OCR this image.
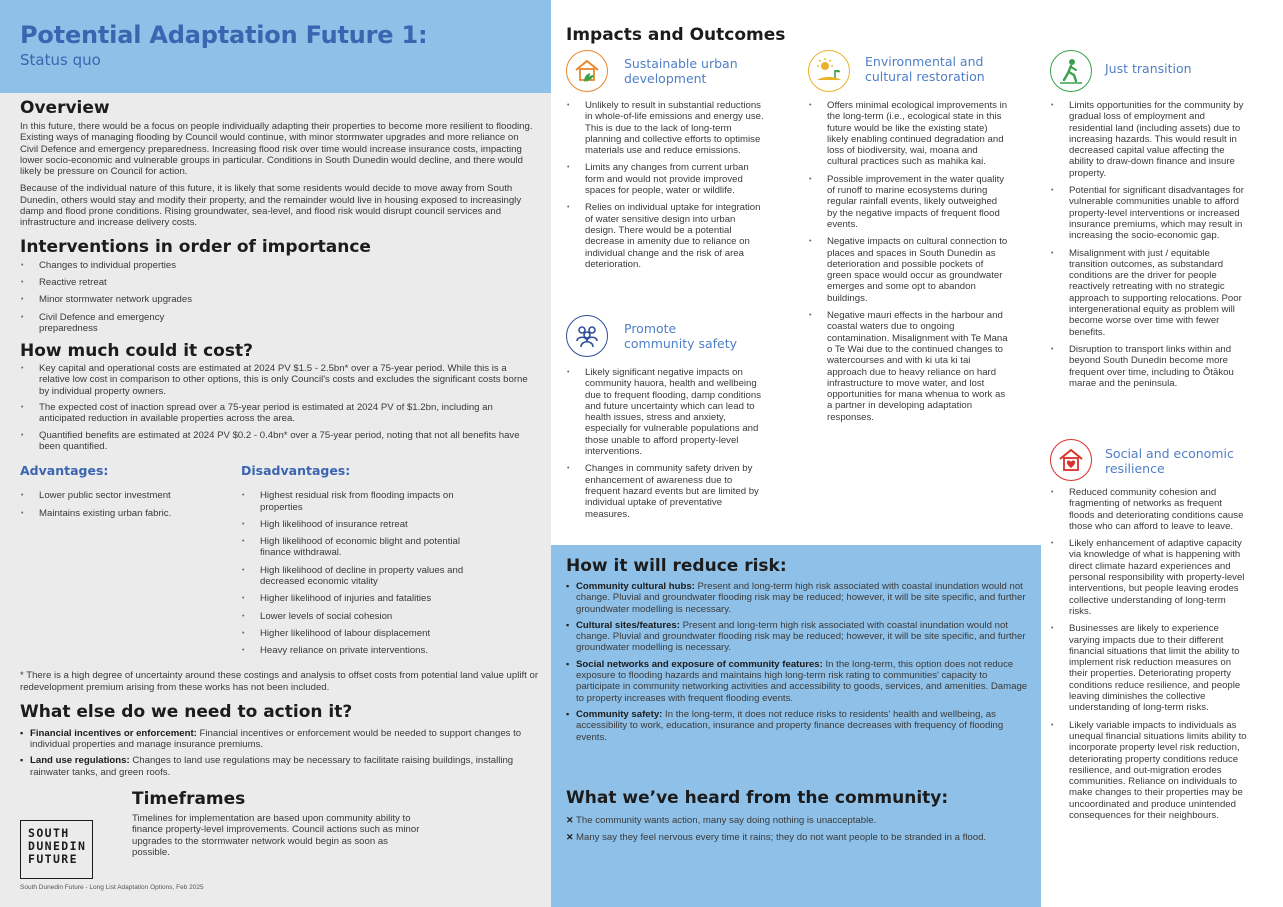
Potential Adaptation Future 1:
Status quo
Overview

In this future, there would be a focus on people individually adapting their properties to become more resilient to flooding. Existing ways of managing flooding by Council would continue, with minor stormwater upgrades and more reliance on Civil Defence and emergency preparedness. Increasing flood risk over time would increase insurance costs, impacting lower socio-economic and vulnerable groups in particular. Conditions in South Dunedin would decline, and there would likely be pressure on Council for action.

Because of the individual nature of this future, it is likely that some residents would decide to move away from South Dunedin, others would stay and modify their property, and the remainder would live in housing exposed to increasingly damp and flood prone conditions. Rising groundwater, sea-level, and flood risk would disrupt council services and infrastructure and increase delivery costs.

Interventions in order of importance
• Changes to individual properties
• Reactive retreat
• Minor stormwater network upgrades
• Civil Defence and emergency preparedness
How much could it cost?
• Key capital and operational costs are estimated at 2024 PV $1.5 - 2.5bn* over a 75-year period. While this is a relative low cost in comparison to other options, this is only Council's costs and excludes the significant costs borne by individual property owners.
• The expected cost of inaction spread over a 75-year period is estimated at 2024 PV of $1.2bn, including an anticipated reduction in available properties across the area.
• Quantified benefits are estimated at 2024 PV $0.2 - 0.4bn* over a 75-year period, noting that not all benefits have been quantified.
Advantages:
• Lower public sector investment
• Maintains existing urban fabric.
Disadvantages:
• Highest residual risk from flooding impacts on properties
• High likelihood of insurance retreat
• High likelihood of economic blight and potential finance withdrawal.
• High likelihood of decline in property values and decreased economic vitality
• Higher likelihood of injuries and fatalities
• Lower levels of social cohesion
• Higher likelihood of labour displacement
• Heavy reliance on private interventions.

* There is a high degree of uncertainty around these costings and analysis to offset costs from potential land value uplift or redevelopment premium arising from these works has not been included.

What else do we need to action it?
▪ Financial incentives or enforcement: Financial incentives or enforcement would be needed to support changes to individual properties and manage insurance premiums.
▪ Land use regulations: Changes to land use regulations may be necessary to facilitate raising buildings, installing rainwater tanks, and green roofs.
Timeframes

Timelines for implementation are based upon community ability to finance property-level improvements. Council actions such as minor upgrades to the stormwater network would begin as soon as possible.

SOUTH
DUNEDIN
FUTURE
South Dunedin Future - Long List Adaptation Options, Feb 2025
Impacts and Outcomes
Sustainable urban
development
• Unlikely to result in substantial reductions in whole-of-life emissions and energy use. This is due to the lack of long-term planning and collective efforts to optimise materials use and reduce emissions.
• Limits any changes from current urban form and would not provide improved spaces for people, water or wildlife.
• Relies on individual uptake for integration of water sensitive design into urban design. There would be a potential decrease in amenity due to reliance on individual change and the risk of area deterioration.
Promote
community safety
• Likely significant negative impacts on community hauora, health and wellbeing due to frequent flooding, damp conditions and future uncertainty which can lead to health issues, stress and anxiety, especially for vulnerable populations and those unable to afford property-level interventions.
• Changes in community safety driven by enhancement of awareness due to frequent hazard events but are limited by individual uptake of preventative measures.
Environmental and
cultural restoration
• Offers minimal ecological improvements in the long-term (i.e., ecological state in this future would be like the existing state) likely enabling continued degradation and loss of biodiversity, wai, moana and cultural practices such as mahika kai.
• Possible improvement in the water quality of runoff to marine ecosystems during regular rainfall events, likely outweighed by the negative impacts of frequent flood events.
• Negative impacts on cultural connection to places and spaces in South Dunedin as deterioration and possible pockets of green space would occur as groundwater emerges and some opt to abandon buildings.
• Negative mauri effects in the harbour and coastal waters due to ongoing contamination. Misalignment with Te Mana o Te Wai due to the continued changes to watercourses and with ki uta ki tai approach due to heavy reliance on hard infrastructure to move water, and lost opportunities for mana whenua to work as a partner in developing adaptation responses.
Just transition
• Limits opportunities for the community by gradual loss of employment and residential land (including assets) due to increasing hazards. This would result in decreased capital value affecting the ability to draw-down finance and insure property.
• Potential for significant disadvantages for vulnerable communities unable to afford property-level interventions or increased insurance premiums, which may result in increasing the socio-economic gap.
• Misalignment with just / equitable transition outcomes, as substandard conditions are the driver for people reactively retreating with no strategic approach to supporting relocations. Poor intergenerational equity as problem will become worse over time with fewer benefits.
• Disruption to transport links within and beyond South Dunedin become more frequent over time, including to Ōtākou marae and the peninsula.
Social and economic
resilience
• Reduced community cohesion and fragmenting of networks as frequent floods and deteriorating conditions cause those who can afford to leave to leave.
• Likely enhancement of adaptive capacity via knowledge of what is happening with direct climate hazard experiences and personal responsibility with property-level interventions, but people leaving erodes collective understanding of long-term risks.
• Businesses are likely to experience varying impacts due to their different financial situations that limit the ability to implement risk reduction measures on their properties. Deteriorating property conditions reduce resilience, and people leaving diminishes the collective understanding of long-term risks.
• Likely variable impacts to individuals as unequal financial situations limits ability to incorporate property level risk reduction, deteriorating property conditions reduce resilience, and out-migration erodes communities. Reliance on individuals to make changes to their properties may be uncoordinated and produce unintended consequences for their neighbours.
How it will reduce risk:
▪ Community cultural hubs: Present and long-term high risk associated with coastal inundation would not change. Pluvial and groundwater flooding risk may be reduced; however, it will be site specific, and further groundwater modelling is necessary.
▪ Cultural sites/features: Present and long-term high risk associated with coastal inundation would not change. Pluvial and groundwater flooding risk may be reduced; however, it will be site specific, and further groundwater modelling is necessary.
▪ Social networks and exposure of community features: In the long-term, this option does not reduce exposure to flooding hazards and maintains high long-term risk rating to communities' capacity to participate in community networking activities and accessibility to goods, services, and amenities. Damage to property increases with frequent flooding events.
▪ Community safety: In the long-term, it does not reduce risks to residents' health and wellbeing, as accessibility to work, education, insurance and property finance decreases with frequency of flooding events.
What we’ve heard from the community:
✕ The community wants action, many say doing nothing is unacceptable.
✕ Many say they feel nervous every time it rains; they do not want people to be stranded in a flood.
